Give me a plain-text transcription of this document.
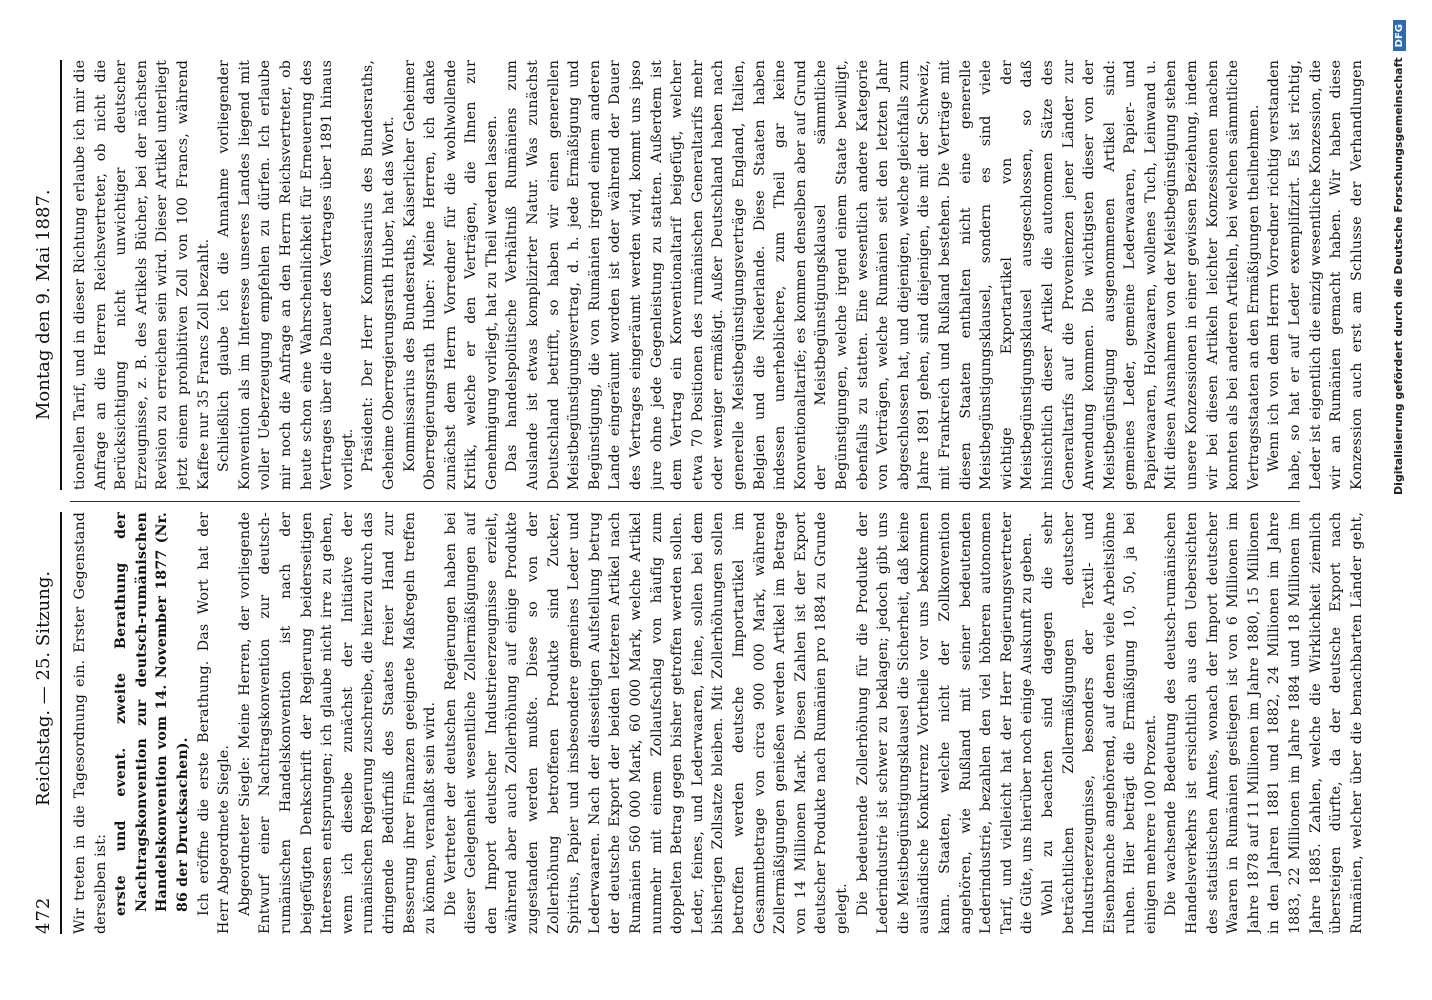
472
Reichstag. — 25. Sitzung.
Montag den 9. Mai 1887.

Wir treten in die Tagesordnung ein. Erster Gegenstand derselben ist: erste und event. zweite Berathung der Nachtragskonvention zur deutsch-rumänischen Handelskonvention vom 14. November 1877 (Nr. 86 der Drucksachen). Ich eröffne die erste Berathung. Das Wort hat der Herr Abgeordnete Siegle. Abgeordneter Siegle: Meine Herren, der vorliegende Entwurf einer Nachtragskonvention zur deutsch-rumänischen Handelskonvention ist nach der beigefügten Denkschrift der Regierung beiderseitigen Interessen entsprungen; ich glaube nicht irre zu gehen, wenn ich dieselbe zunächst der Initiative der rumänischen Regierung zuschreibe, die hierzu durch das dringende Bedürfniß des Staates freier Hand zur Besserung ihrer Finanzen geeignete Maßregeln treffen zu können, veranlaßt sein wird. Die Vertreter der deutschen Regierungen haben bei dieser Gelegenheit wesentliche Zollermäßigungen auf den Import deutscher Industrieerzeugnisse erzielt, während aber auch Zollerhöhung auf einige Produkte zugestanden werden mußte. Diese so von der Zollerhöhung betroffenen Produkte sind Zucker, Spiritus, Papier und insbesondere gemeines Leder und Lederwaaren. Nach der diesseitigen Aufstellung betrug der deutsche Export der beiden letzteren Artikel nach Rumänien 560 000 Mark, 60 000 Mark, welche Artikel nunmehr mit einem Zollaufschlag von häufig zum doppelten Betrag gegen bisher getroffen werden sollen. Leder, feines, und Lederwaaren, feine, sollen bei dem bisherigen Zollsatze bleiben. Mit Zollerhöhungen sollen betroffen werden deutsche Importartikel im Gesammtbetrage von circa 900 000 Mark, während Zollermäßigungen genießen werden Artikel im Betrage von 14 Millionen Mark. Diesen Zahlen ist der Export deutscher Produkte nach Rumänien pro 1884 zu Grunde gelegt. Die bedeutende Zollerhöhung für die Produkte der Lederindustrie ist schwer zu beklagen; jedoch gibt uns die Meistbegünstigungsklausel die Sicherheit, daß keine ausländische Konkurrenz Vortheile vor uns bekommen kann. Staaten, welche nicht der Zollkonvention angehören, wie Rußland mit seiner bedeutenden Lederindustrie, bezahlen den viel höheren autonomen Tarif, und vielleicht hat der Herr Regierungsvertreter die Güte, uns hierüber noch einige Auskunft zu geben. Wohl zu beachten sind dagegen die sehr beträchtlichen Zollermäßigungen deutscher Industrieerzeugnisse, besonders der Textil- und Eisenbranche angehörend, auf denen viele Arbeitslöhne ruhen. Hier beträgt die Ermäßigung 10, 50, ja bei einigen mehrere 100 Prozent. Die wachsende Bedeutung des deutsch-rumänischen Handelsverkehrs ist ersichtlich aus den Uebersichten des statistischen Amtes, wonach der Import deutscher Waaren in Rumänien gestiegen ist von 6 Millionen im Jahre 1878 auf 11 Millionen im Jahre 1880, 15 Millionen in den Jahren 1881 und 1882, 24 Millionen im Jahre 1883, 22 Millionen im Jahre 1884 und 18 Millionen im Jahre 1885. Zahlen, welche die Wirklichkeit ziemlich übersteigen dürfte, da der deutsche Export nach Rumänien, welcher über die benachbarten Länder geht,

tionellen Tarif, und in dieser Richtung erlaube ich mir die Anfrage an die Herren Reichsvertreter, ob nicht die Berücksichtigung nicht unwichtiger deutscher Erzeugnisse, z. B. des Artikels Bücher, bei der nächsten Revision zu erreichen sein wird. Dieser Artikel unterliegt jetzt einem prohibitiven Zoll von 100 Francs, während Kaffee nur 35 Francs Zoll bezahlt. Schließlich glaube ich die Annahme vorliegender Konvention als im Interesse unseres Landes liegend mit voller Ueberzeugung empfehlen zu dürfen. Ich erlaube mir noch die Anfrage an den Herrn Reichsvertreter, ob heute schon eine Wahrscheinlichkeit für Erneuerung des Vertrages über die Dauer des Vertrages über 1891 hinaus vorliegt. Präsident: Der Herr Kommissarius des Bundesraths, Geheime Oberregierungsrath Huber, hat das Wort. Kommissarius des Bundesraths, Kaiserlicher Geheimer Oberregierungsrath Huber: Meine Herren, ich danke zunächst dem Herrn Vorredner für die wohlwollende Kritik, welche er den Verträgen, die Ihnen zur Genehmigung vorliegt, hat zu Theil werden lassen. Das handelspolitische Verhältniß Rumäniens zum Auslande ist etwas komplizirter Natur. Was zunächst Deutschland betrifft, so haben wir einen generellen Meistbegünstigungsvertrag, d. h. jede Ermäßigung und Begünstigung, die von Rumänien irgend einem anderen Lande eingeräumt worden ist oder während der Dauer des Vertrages eingeräumt werden wird, kommt uns ipso jure ohne jede Gegenleistung zu statten. Außerdem ist dem Vertrag ein Konventionaltarif beigefügt, welcher etwa 70 Positionen des rumänischen Generaltarifs mehr oder weniger ermäßigt. Außer Deutschland haben nach generelle Meistbegünstigungsverträge England, Italien, Belgien und die Niederlande. Diese Staaten haben indessen unerheblichere, zum Theil gar keine Konventionaltarife; es kommen denselben aber auf Grund der Meistbegünstigungsklausel sämmtliche Begünstigungen, welche irgend einem Staate bewilligt, ebenfalls zu statten. Eine wesentlich andere Kategorie von Verträgen, welche Rumänien seit den letzten Jahr abgeschlossen hat, und diejenigen, welche gleichfalls zum Jahre 1891 gehen, sind diejenigen, die mit der Schweiz, mit Frankreich und Rußland bestehen. Die Verträge mit diesen Staaten enthalten nicht eine generelle Meistbegünstigungsklausel, sondern es sind viele wichtige Exportartikel von der Meistbegünstigungsklausel ausgeschlossen, so daß hinsichtlich dieser Artikel die autonomen Sätze des Generaltarifs auf die Provenienzen jener Länder zur Anwendung kommen. Die wichtigsten dieser von der Meistbegünstigung ausgenommenen Artikel sind: gemeines Leder, gemeine Lederwaaren, Papier- und Papierwaaren, Holzwaaren, wollenes Tuch, Leinwand u. Mit diesen Ausnahmen von der Meistbegünstigung stehen unsere Konzessionen in einer gewissen Beziehung, indem wir bei diesen Artikeln leichter Konzessionen machen konnten als bei anderen Artikeln, bei welchen sämmtliche Vertragsstaaten an den Ermäßigungen theilnehmen. Wenn ich von dem Herrn Vorredner richtig verstanden habe, so hat er auf Leder exemplifizirt. Es ist richtig, Leder ist eigentlich die einzig wesentliche Konzession, die wir an Rumänien gemacht haben. Wir haben diese Konzession auch erst am Schlusse der Verhandlungen	Digitalisierung gefördert durch die Deutsche ForschungsgemeinschaftDFG
